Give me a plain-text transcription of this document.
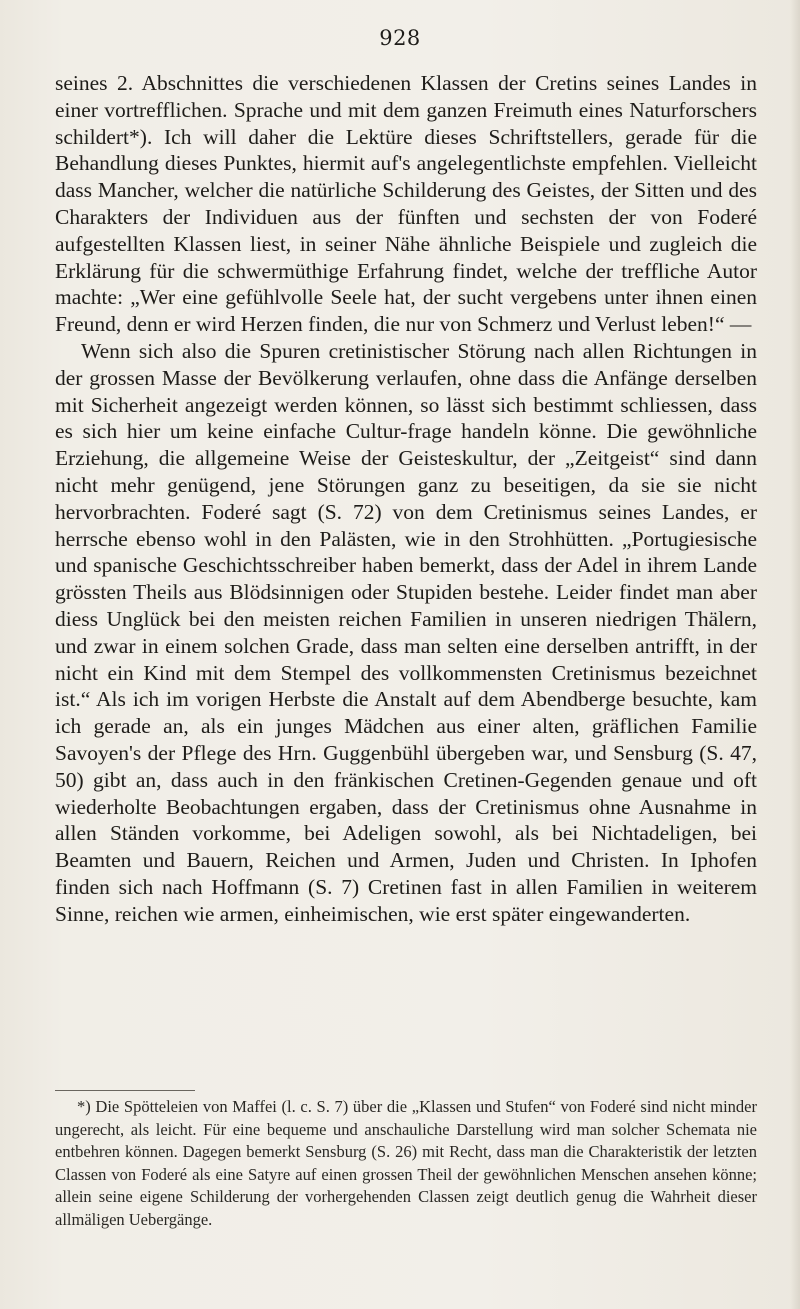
928

seines 2. Abschnittes die verschiedenen Klassen der Cretins seines Landes in einer vortrefflichen. Sprache und mit dem ganzen Freimuth eines Naturforschers schildert*). Ich will daher die Lektüre dieses Schriftstellers, gerade für die Behandlung dieses Punktes, hiermit auf's angelegentlichste empfehlen. Vielleicht dass Mancher, welcher die natürliche Schilderung des Geistes, der Sitten und des Charakters der Individuen aus der fünften und sechsten der von Foderé aufgestellten Klassen liest, in seiner Nähe ähnliche Beispiele und zugleich die Erklärung für die schwermüthige Erfahrung findet, welche der treffliche Autor machte: „Wer eine gefühlvolle Seele hat, der sucht vergebens unter ihnen einen Freund, denn er wird Herzen finden, die nur von Schmerz und Verlust leben!“ —

Wenn sich also die Spuren cretinistischer Störung nach allen Richtungen in der grossen Masse der Bevölkerung verlaufen, ohne dass die Anfänge derselben mit Sicherheit angezeigt werden können, so lässt sich bestimmt schliessen, dass es sich hier um keine einfache Cultur-frage handeln könne. Die gewöhnliche Erziehung, die allgemeine Weise der Geisteskultur, der „Zeitgeist“ sind dann nicht mehr genügend, jene Störungen ganz zu beseitigen, da sie sie nicht hervorbrachten. Foderé sagt (S. 72) von dem Cretinismus seines Landes, er herrsche ebenso wohl in den Palästen, wie in den Strohhütten. „Portugiesische und spanische Geschichtsschreiber haben bemerkt, dass der Adel in ihrem Lande grössten Theils aus Blödsinnigen oder Stupiden bestehe. Leider findet man aber diess Unglück bei den meisten reichen Familien in unseren niedrigen Thälern, und zwar in einem solchen Grade, dass man selten eine derselben antrifft, in der nicht ein Kind mit dem Stempel des vollkommensten Cretinismus bezeichnet ist.“ Als ich im vorigen Herbste die Anstalt auf dem Abendberge besuchte, kam ich gerade an, als ein junges Mädchen aus einer alten, gräflichen Familie Savoyen's der Pflege des Hrn. Guggenbühl übergeben war, und Sensburg (S. 47, 50) gibt an, dass auch in den fränkischen Cretinen-Gegenden genaue und oft wiederholte Beobachtungen ergaben, dass der Cretinismus ohne Ausnahme in allen Ständen vorkomme, bei Adeligen sowohl, als bei Nichtadeligen, bei Beamten und Bauern, Reichen und Armen, Juden und Christen. In Iphofen finden sich nach Hoffmann (S. 7) Cretinen fast in allen Familien in weiterem Sinne, reichen wie armen, einheimischen, wie erst später eingewanderten.

*) Die Spötteleien von Maffei (l. c. S. 7) über die „Klassen und Stufen“ von Foderé sind nicht minder ungerecht, als leicht. Für eine bequeme und anschauliche Darstellung wird man solcher Schemata nie entbehren können. Dagegen bemerkt Sensburg (S. 26) mit Recht, dass man die Charakteristik der letzten Classen von Foderé als eine Satyre auf einen grossen Theil der gewöhnlichen Menschen ansehen könne; allein seine eigene Schilderung der vorhergehenden Classen zeigt deutlich genug die Wahrheit dieser allmäligen Uebergänge.
